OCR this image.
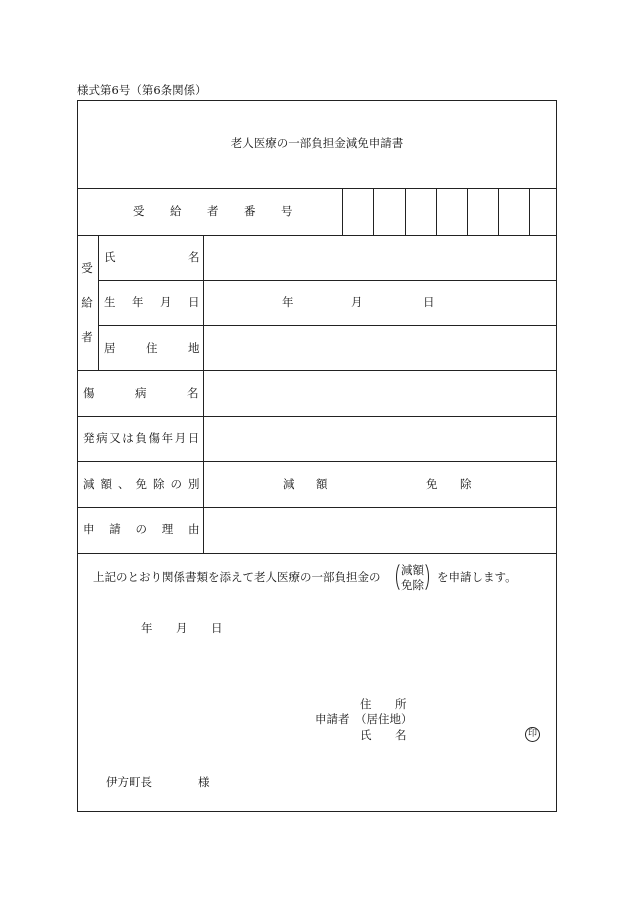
様式第6号（第6条関係）
老人医療の一部負担金減免申請書
受給者番号
受給者
氏名
生年月日	年	月	日
居住地
傷病名
発病又は負傷年月日
減額、免除の別	減額	免除
申請の理由
上記のとおり関係書類を添えて老人医療の一部負担金の	減額
免除
を申請します。
年 月 日
住所
申請者 （居住地）
氏名	印
伊方町長	様
